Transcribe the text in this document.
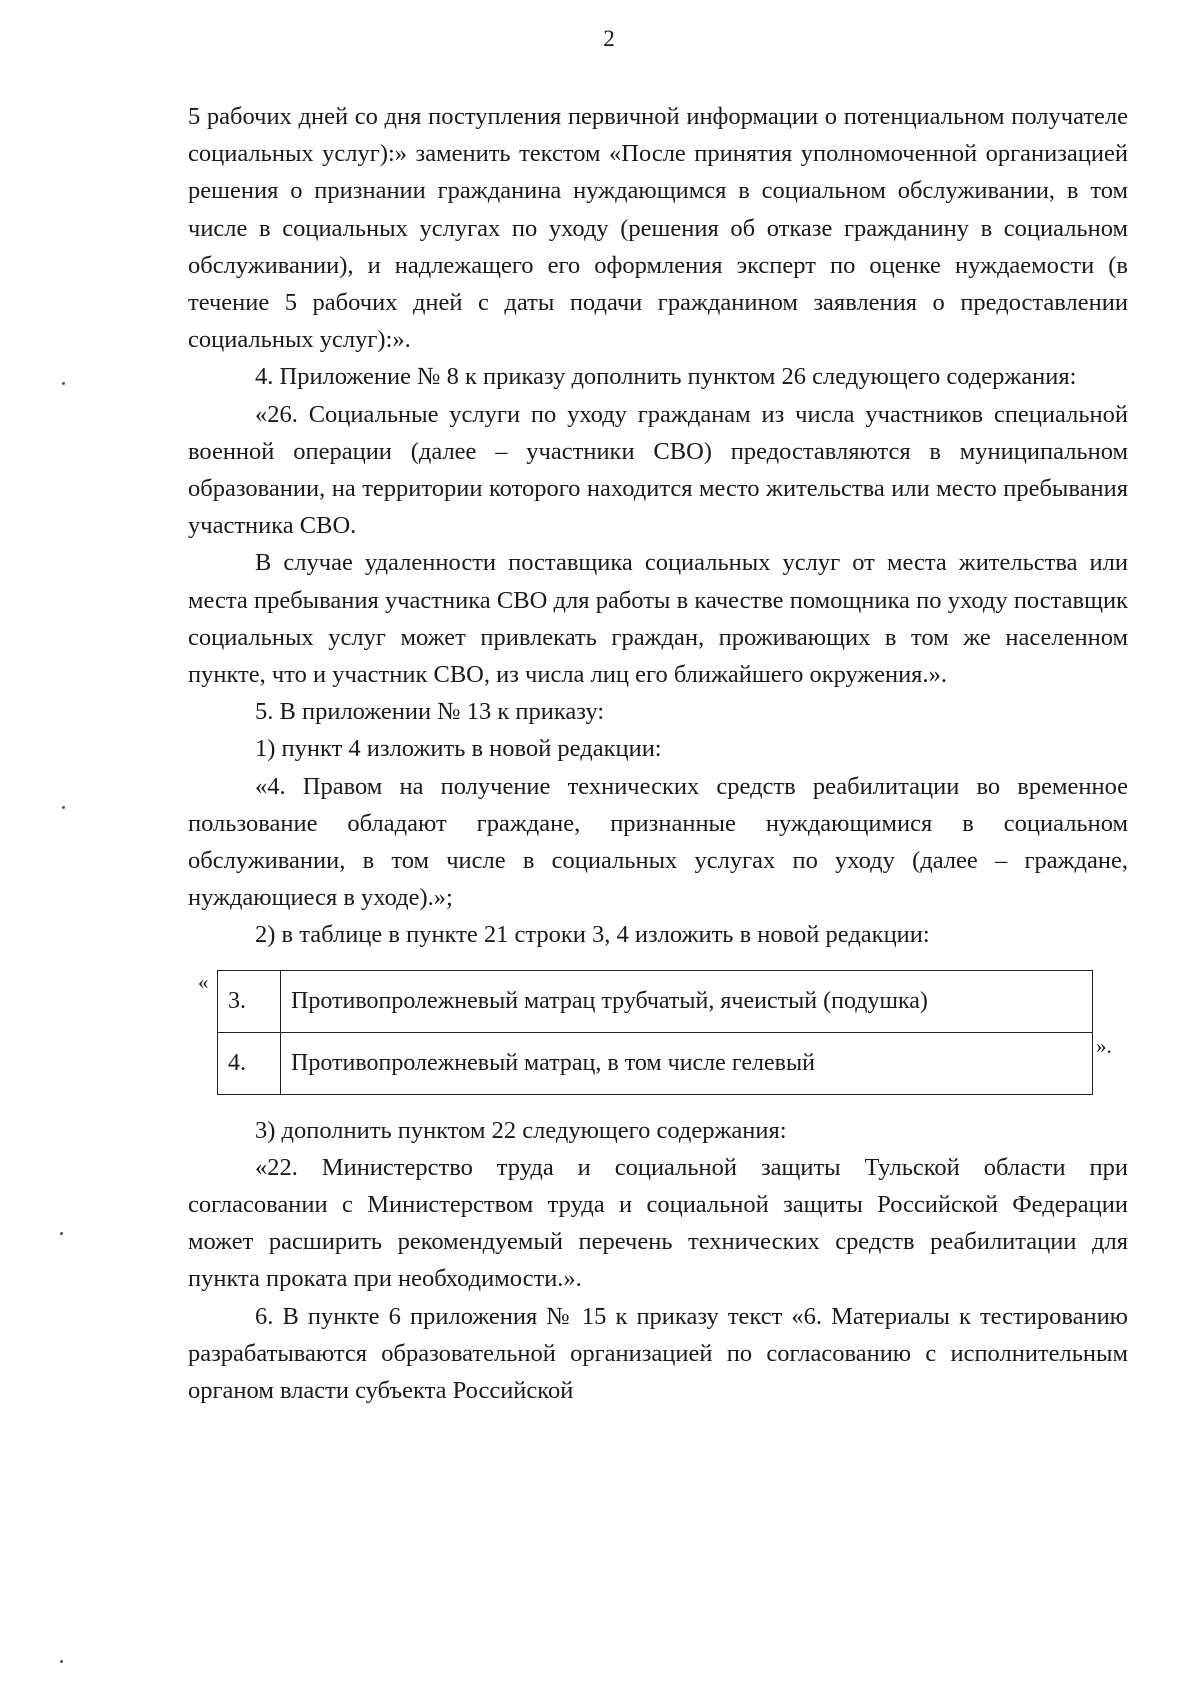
2

5 рабочих дней со дня поступления первичной информации о потенциальном получателе социальных услуг):» заменить текстом «После принятия уполномоченной организацией решения о признании гражданина нуждающимся в социальном обслуживании, в том числе в социальных услугах по уходу (решения об отказе гражданину в социальном обслуживании), и надлежащего его оформления эксперт по оценке нуждаемости (в течение 5 рабочих дней с даты подачи гражданином заявления о предоставлении социальных услуг):».

4. Приложение № 8 к приказу дополнить пунктом 26 следующего содержания:

«26. Социальные услуги по уходу гражданам из числа участников специальной военной операции (далее – участники СВО) предоставляются в муниципальном образовании, на территории которого находится место жительства или место пребывания участника СВО.

В случае удаленности поставщика социальных услуг от места жительства или места пребывания участника СВО для работы в качестве помощника по уходу поставщик социальных услуг может привлекать граждан, проживающих в том же населенном пункте, что и участник СВО, из числа лиц его ближайшего окружения.».

5. В приложении № 13 к приказу:

1) пункт 4 изложить в новой редакции:

«4. Правом на получение технических средств реабилитации во временное пользование обладают граждане, признанные нуждающимися в социальном обслуживании, в том числе в социальных услугах по уходу (далее – граждане, нуждающиеся в уходе).»;

2) в таблице в пункте 21 строки 3, 4 изложить в новой редакции:

«
3.	Противопролежневый матрац трубчатый, ячеистый (подушка)
4.	Противопролежневый матрац, в том числе гелевый
».

3) дополнить пунктом 22 следующего содержания:

«22. Министерство труда и социальной защиты Тульской области при согласовании с Министерством труда и социальной защиты Российской Федерации может расширить рекомендуемый перечень технических средств реабилитации для пункта проката при необходимости.».

6. В пункте 6 приложения № 15 к приказу текст «6. Материалы к тестированию разрабатываются образовательной организацией по согласованию с исполнительным органом власти субъекта Российской
